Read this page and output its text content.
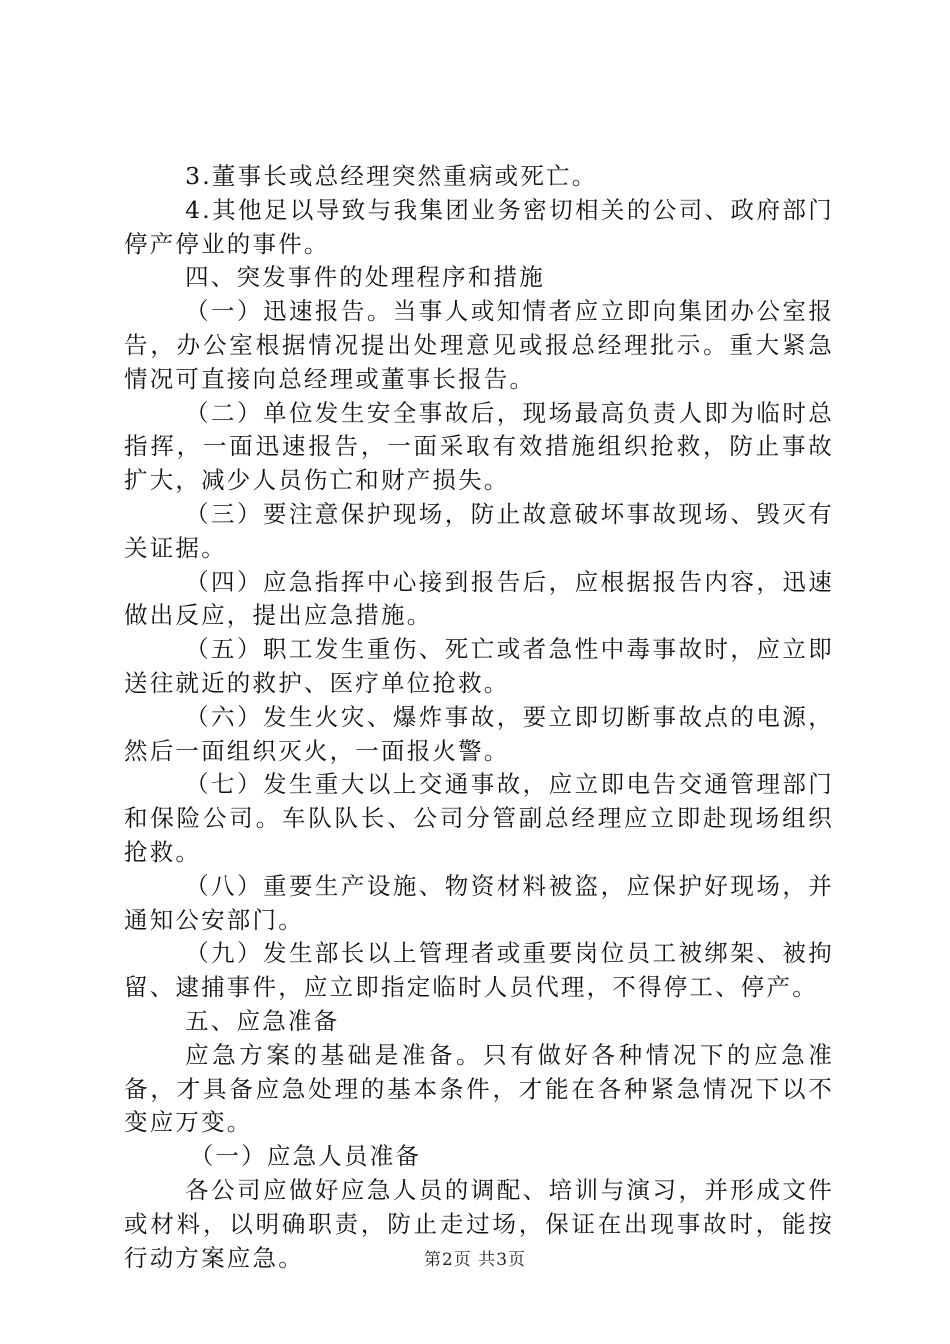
3.董事长或总经理突然重病或死亡。

4.其他足以导致与我集团业务密切相关的公司、政府部门停产停业的事件。

四、突发事件的处理程序和措施

（一）迅速报告。当事人或知情者应立即向集团办公室报告，办公室根据情况提出处理意见或报总经理批示。重大紧急情况可直接向总经理或董事长报告。

（二）单位发生安全事故后，现场最高负责人即为临时总指挥，一面迅速报告，一面采取有效措施组织抢救，防止事故扩大，减少人员伤亡和财产损失。

（三）要注意保护现场，防止故意破坏事故现场、毁灭有关证据。

（四）应急指挥中心接到报告后，应根据报告内容，迅速做出反应，提出应急措施。

（五）职工发生重伤、死亡或者急性中毒事故时，应立即送往就近的救护、医疗单位抢救。

（六）发生火灾、爆炸事故，要立即切断事故点的电源，然后一面组织灭火，一面报火警。

（七）发生重大以上交通事故，应立即电告交通管理部门和保险公司。车队队长、公司分管副总经理应立即赴现场组织抢救。

（八）重要生产设施、物资材料被盗，应保护好现场，并通知公安部门。

（九）发生部长以上管理者或重要岗位员工被绑架、被拘留、逮捕事件，应立即指定临时人员代理，不得停工、停产。

五、应急准备

应急方案的基础是准备。只有做好各种情况下的应急准备，才具备应急处理的基本条件，才能在各种紧急情况下以不变应万变。

（一）应急人员准备

各公司应做好应急人员的调配、培训与演习，并形成文件或材料，以明确职责，防止走过场，保证在出现事故时，能按行动方案应急。	第2页 共3页
